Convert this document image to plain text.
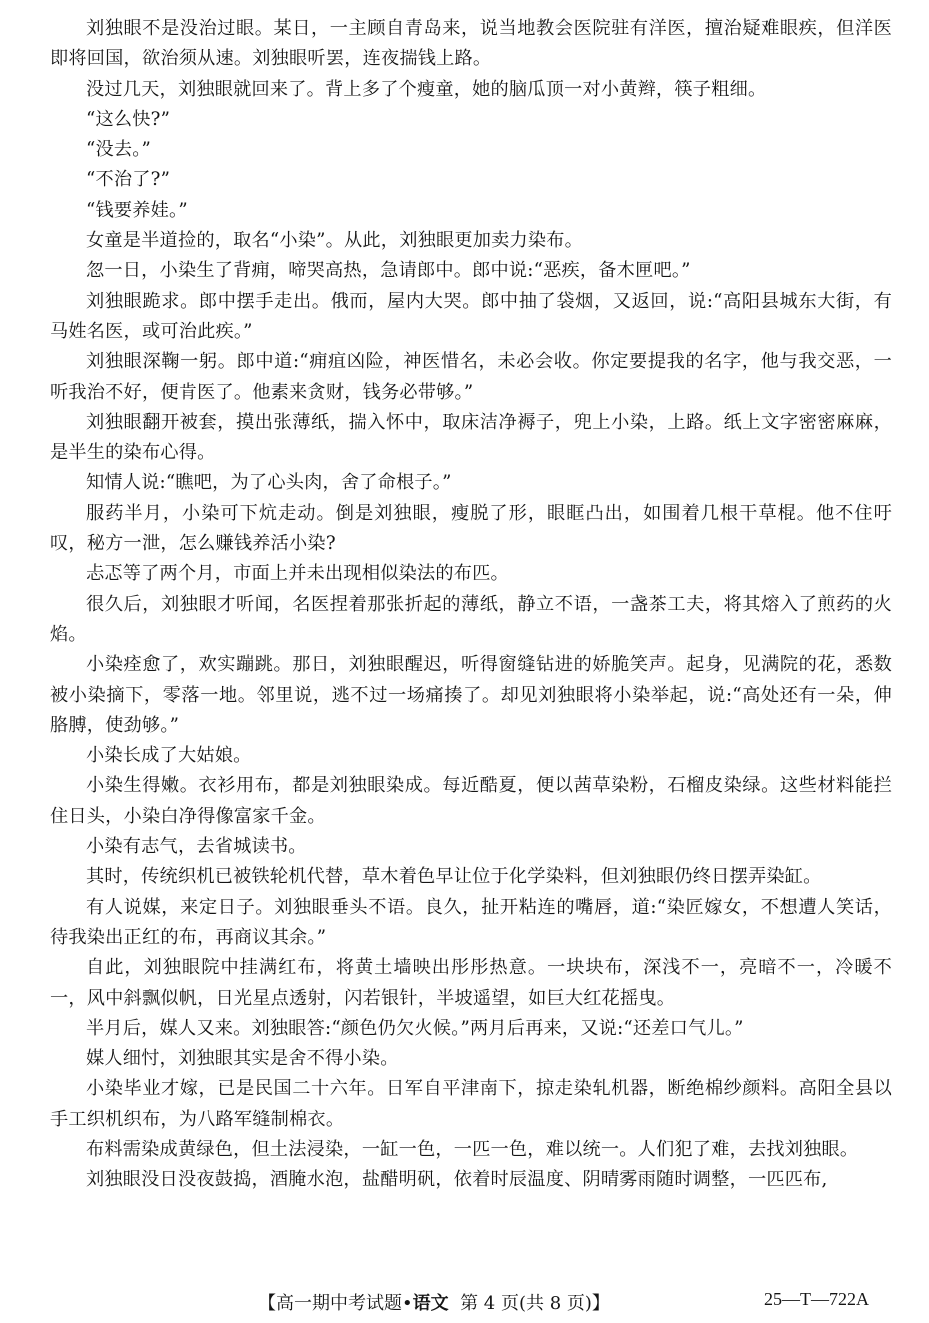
刘独眼不是没治过眼。某日，一主顾自青岛来，说当地教会医院驻有洋医，擅治疑难眼疾，但洋医即将回国，欲治须从速。刘独眼听罢，连夜揣钱上路。

没过几天，刘独眼就回来了。背上多了个瘦童，她的脑瓜顶一对小黄辫，筷子粗细。

“这么快?”

“没去。”

“不治了?”

“钱要养娃。”

女童是半道捡的，取名“小染”。从此，刘独眼更加卖力染布。

忽一日，小染生了背痈，啼哭高热，急请郎中。郎中说:“恶疾，备木匣吧。”

刘独眼跪求。郎中摆手走出。俄而，屋内大哭。郎中抽了袋烟，又返回，说:“高阳县城东大街，有马姓名医，或可治此疾。”

刘独眼深鞠一躬。郎中道:“痈疽凶险，神医惜名，未必会收。你定要提我的名字，他与我交恶，一听我治不好，便肯医了。他素来贪财，钱务必带够。”

刘独眼翻开被套，摸出张薄纸，揣入怀中，取床洁净褥子，兜上小染，上路。纸上文字密密麻麻，是半生的染布心得。

知情人说:“瞧吧，为了心头肉，舍了命根子。”

服药半月，小染可下炕走动。倒是刘独眼，瘦脱了形，眼眶凸出，如围着几根干草棍。他不住吁叹，秘方一泄，怎么赚钱养活小染?

忐忑等了两个月，市面上并未出现相似染法的布匹。

很久后，刘独眼才听闻，名医捏着那张折起的薄纸，静立不语，一盏茶工夫，将其熔入了煎药的火焰。

小染痊愈了，欢实蹦跳。那日，刘独眼醒迟，听得窗缝钻进的娇脆笑声。起身，见满院的花，悉数被小染摘下，零落一地。邻里说，逃不过一场痛揍了。却见刘独眼将小染举起，说:“高处还有一朵，伸胳膊，使劲够。”

小染长成了大姑娘。

小染生得嫩。衣衫用布，都是刘独眼染成。每近酷夏，便以茜草染粉，石榴皮染绿。这些材料能拦住日头，小染白净得像富家千金。

小染有志气，去省城读书。

其时，传统织机已被铁轮机代替，草木着色早让位于化学染料，但刘独眼仍终日摆弄染缸。

有人说媒，来定日子。刘独眼垂头不语。良久，扯开粘连的嘴唇，道:“染匠嫁女，不想遭人笑话，待我染出正红的布，再商议其余。”

自此，刘独眼院中挂满红布，将黄土墙映出彤彤热意。一块块布，深浅不一，亮暗不一，冷暖不一，风中斜飘似帆，日光星点透射，闪若银针，半坡遥望，如巨大红花摇曳。

半月后，媒人又来。刘独眼答:“颜色仍欠火候。”两月后再来，又说:“还差口气儿。”

媒人细忖，刘独眼其实是舍不得小染。

小染毕业才嫁，已是民国二十六年。日军自平津南下，掠走染轧机器，断绝棉纱颜料。高阳全县以手工织机织布，为八路军缝制棉衣。

布料需染成黄绿色，但土法浸染，一缸一色，一匹一色，难以统一。人们犯了难，去找刘独眼。

刘独眼没日没夜鼓捣，酒腌水泡，盐醋明矾，依着时辰温度、阴晴雾雨随时调整，一匹匹布,

【高一期中考试题•语文 第 4 页(共 8 页)】	25—T—722A
